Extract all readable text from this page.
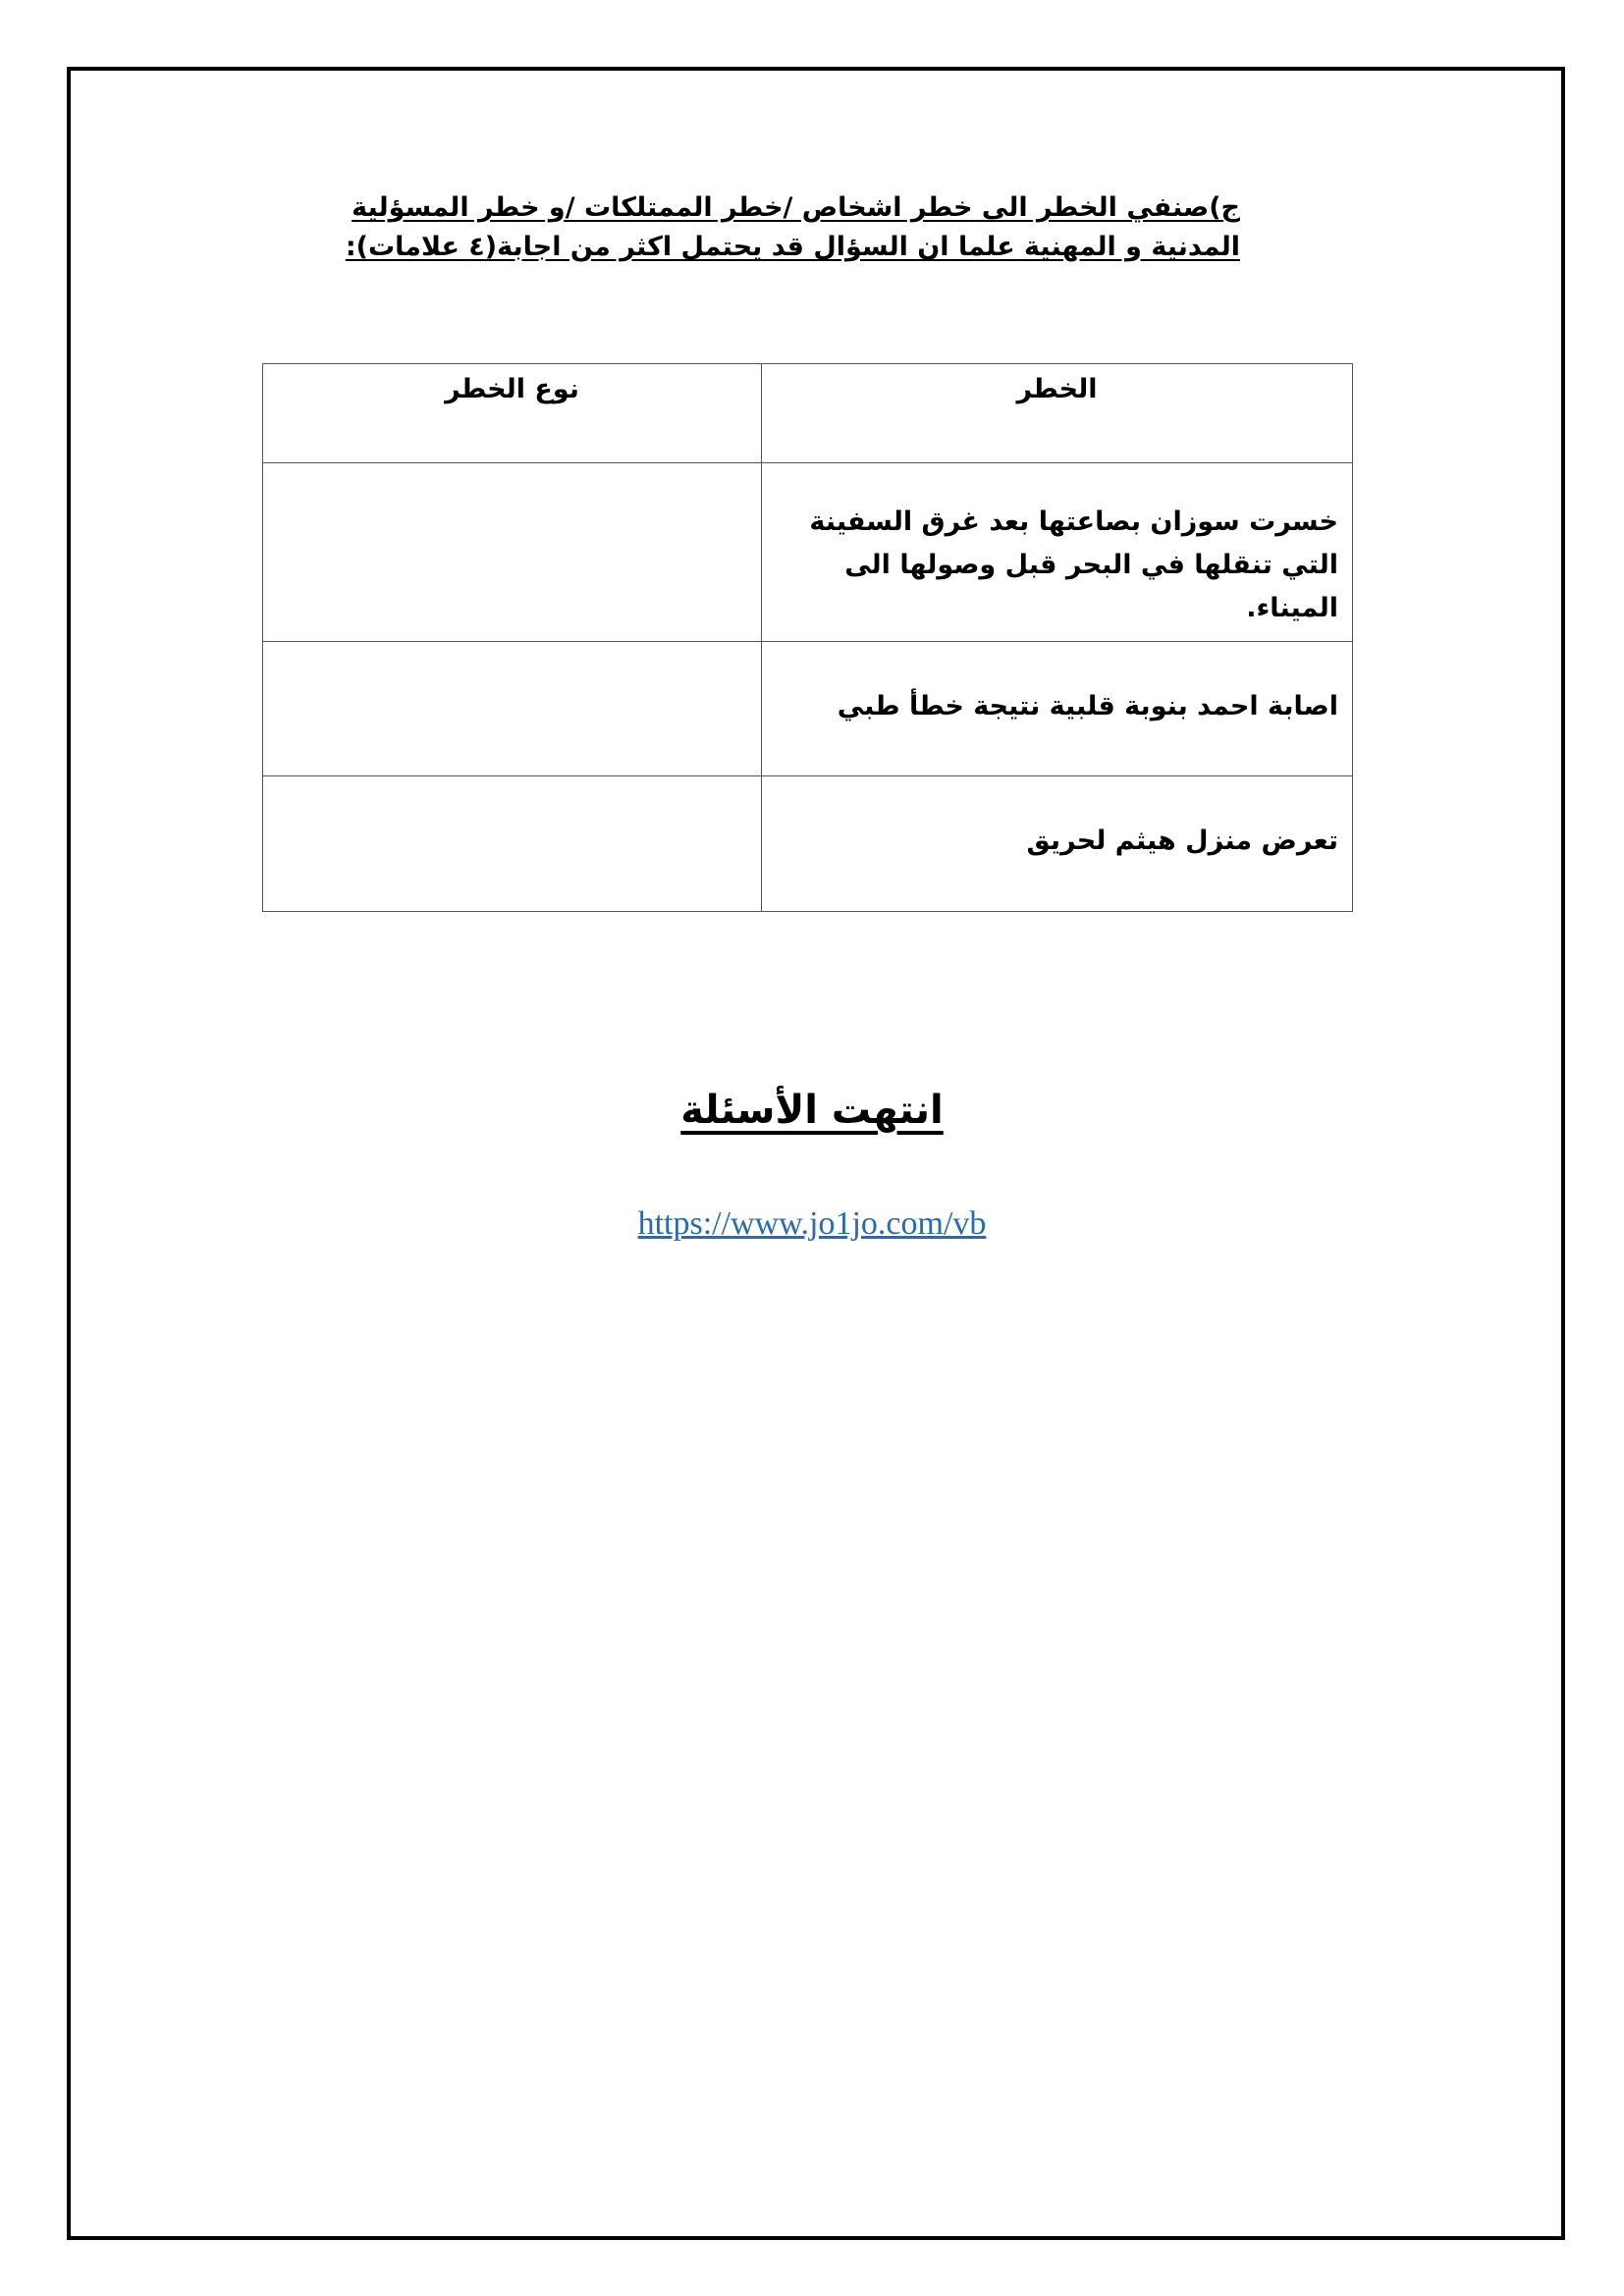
ج)صنفي الخطر الى خطر اشخاص /خطر الممتلكات /و خطر المسؤلية المدنية و المهنية علما ان السؤال قد يحتمل اكثر من اجابة(٤ علامات):
الخطر	نوع الخطر

خسرت سوزان بصاعتها بعد غرق السفينة التي تنقلها في البحر قبل وصولها الى الميناء.	

اصابة احمد بنوبة قلبية نتيجة خطأ طبي	

تعرض منزل هيثم لحريق	

انتهت الأسئلة
https://www.jo1jo.com/vb
